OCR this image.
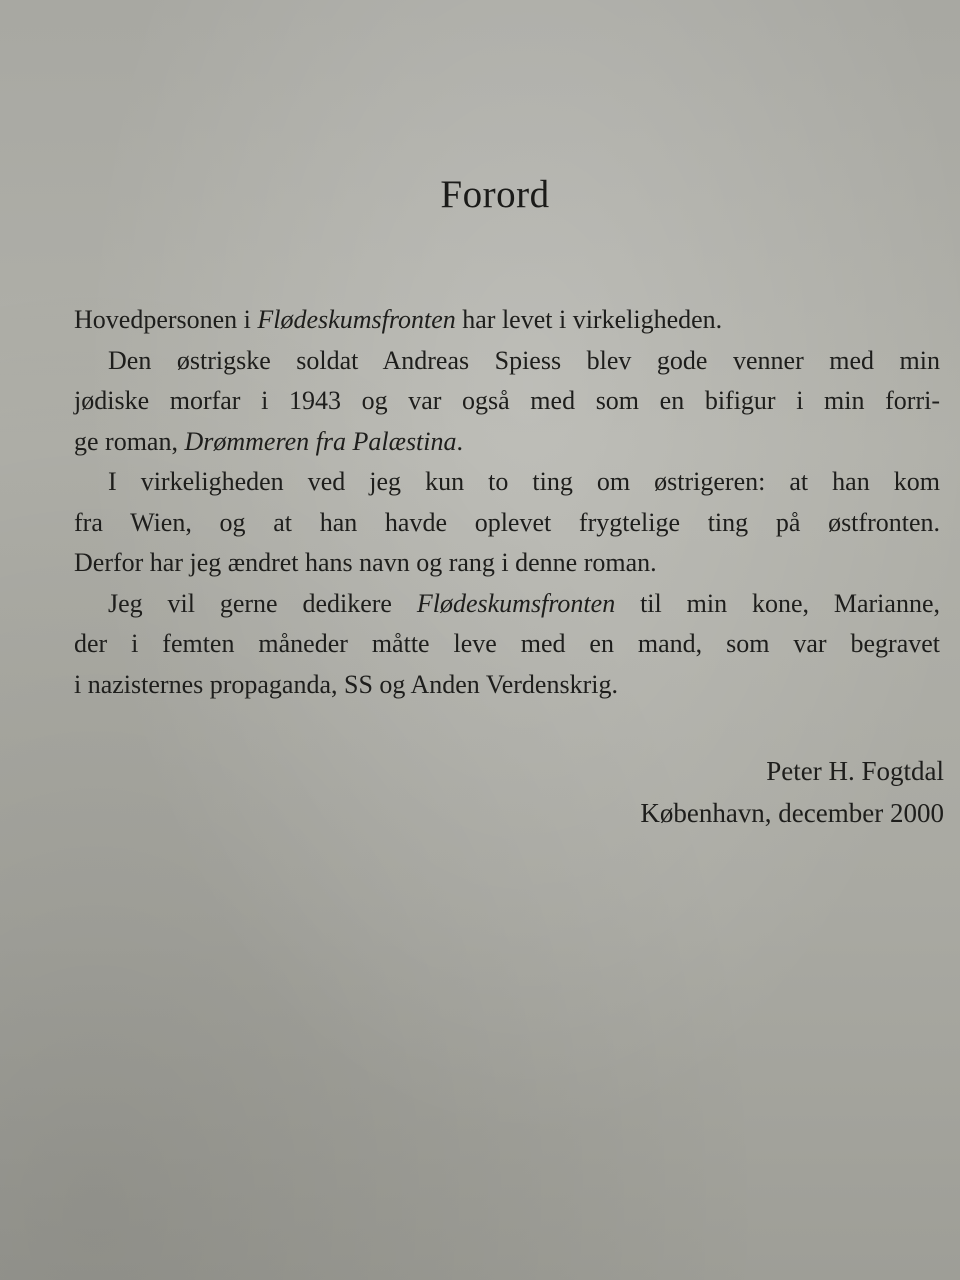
Forord
Hovedpersonen i Flødeskumsfronten har levet i virkeligheden.
Den østrigske soldat Andreas Spiess blev gode venner med min
jødiske morfar i 1943 og var også med som en bifigur i min forri-
ge roman, Drømmeren fra Palæstina.
I virkeligheden ved jeg kun to ting om østrigeren: at han kom
fra Wien, og at han havde oplevet frygtelige ting på østfronten.
Derfor har jeg ændret hans navn og rang i denne roman.
Jeg vil gerne dedikere Flødeskumsfronten til min kone, Marianne,
der i femten måneder måtte leve med en mand, som var begravet
i nazisternes propaganda, SS og Anden Verdenskrig.
Peter H. Fogtdal
København, december 2000
